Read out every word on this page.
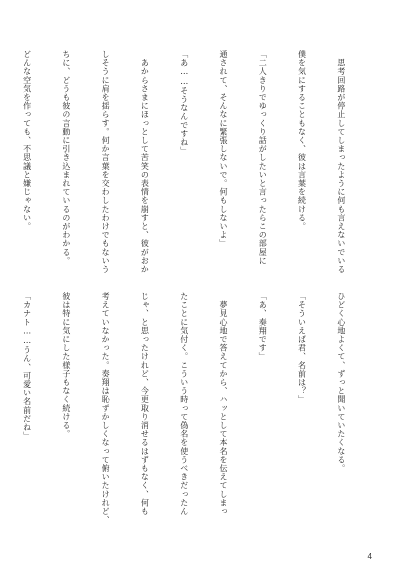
　思考回路が停止してしまったように何も言えないでいる

僕を気にすることもなく、彼は言葉を続ける。

「二人きりでゆっくり話がしたいと言ったらこの部屋に

通されて、そんなに緊張しないで。何もしないよ」

「あ……そうなんですね」

　あからさまにほっとして苦笑の表情を崩すと、彼がおか

しそうに肩を揺らす。何か言葉を交わしたわけでもないう

ちに、どうも彼の言動に引き込まれているのがわかる。

どんな空気を作っても、不思議と嫌じゃない。

ひどく心地よくて、ずっと聞いていたくなる。

「そういえば君、名前は？」

「あ、奏翔です」

　夢見心地で答えてから、ハッとして本名を伝えてしまっ

たことに気付く。こういう時って偽名を使うべきだったん

じゃ、と思ったけれど、今更取り消せるはずもなく、何も

考えていなかった。奏翔は恥ずかしくなって俯いたけれど、

彼は特に気にした様子もなく続ける。

「カナト……うん、可愛い名前だね」

4
